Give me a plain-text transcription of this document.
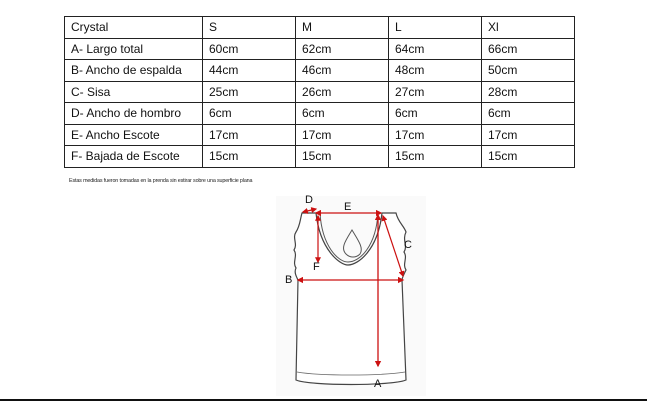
Crystal	S	M	L	Xl
A- Largo total	60cm	62cm	64cm	66cm
B- Ancho de espalda	44cm	46cm	48cm	50cm
C- Sisa	25cm	26cm	27cm	28cm
D- Ancho de hombro	6cm	6cm	6cm	6cm
E- Ancho Escote	17cm	17cm	17cm	17cm
F- Bajada de Escote	15cm	15cm	15cm	15cm
Estas medidas fueron tomadas en la prenda sin estirar sobre una superficie plana
D
E
C
F
B
A
